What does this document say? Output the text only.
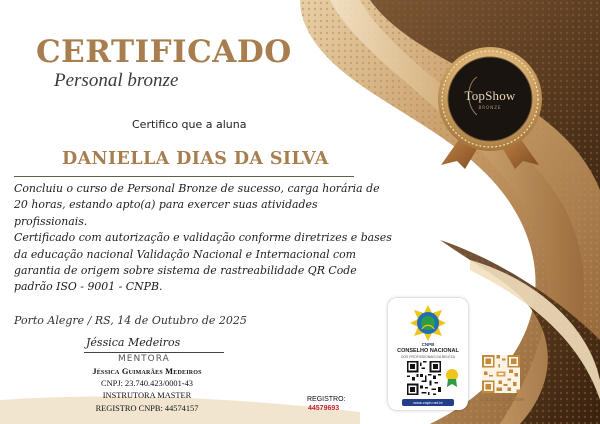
CERTIFICADO
Personal bronze
Certifico que a aluna
DANIELLA DIAS DA SILVA

Concluiu o curso de Personal Bronze de sucesso, carga horária de 20 horas, estando apto(a) para exercer suas atividades profissionais.

Certificado com autorização e validação conforme diretrizes e bases da educação nacional Validação Nacional e Internacional com garantia de origem sobre sistema de rastreabilidade QR Code padrão ISO - 9001 - CNPB.

Porto Alegre / RS, 14 de Outubro de 2025
Jéssica Medeiros
MENTORA
Jéssica Guimarães Medeiros
CNPJ: 23.740.423/0001-43
INSTRUTORA MASTER
REGISTRO CNPB: 44574157
REGISTRO:
44579693
TopShow
BRONZE
CNPB
CONSELHO NACIONAL
DOS PROFISSIONAIS DA BELEZA
www.cnpb.net.br
@JESSICATOPSHOW
